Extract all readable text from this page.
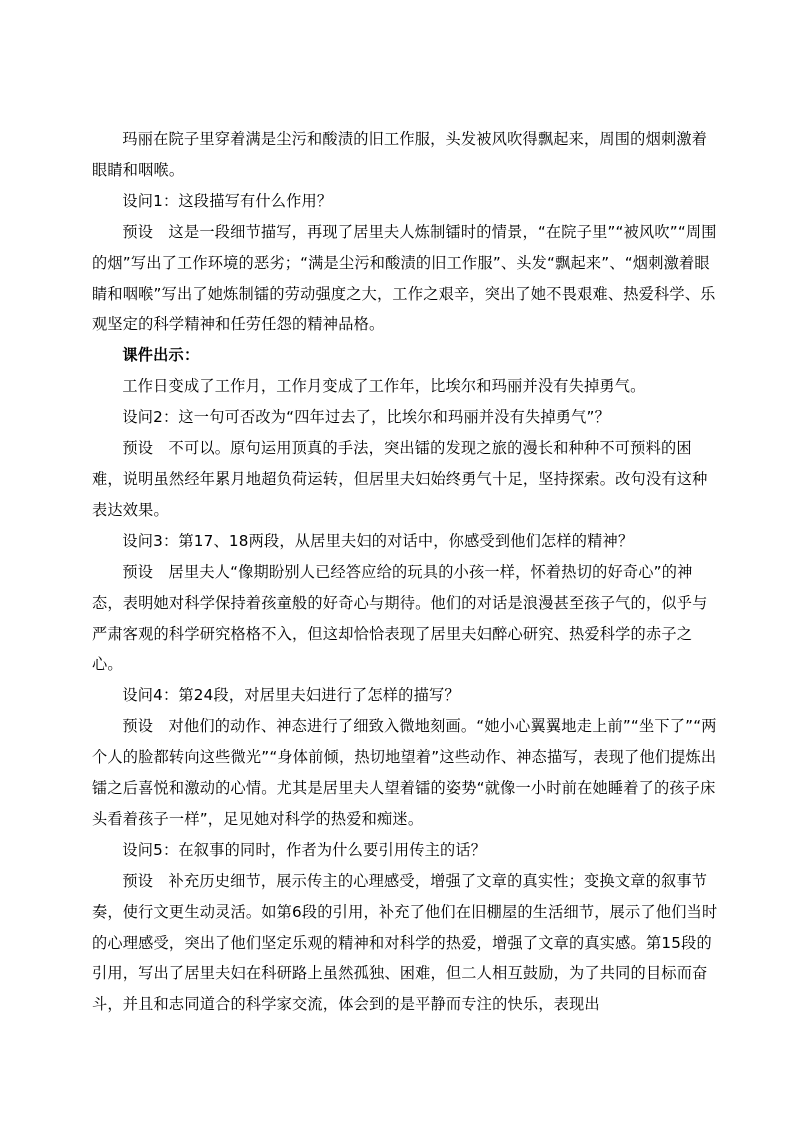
玛丽在院子里穿着满是尘污和酸渍的旧工作服，头发被风吹得飘起来，周围的烟刺激着眼睛和咽喉。

设问1：这段描写有什么作用？

预设　这是一段细节描写，再现了居里夫人炼制镭时的情景，“在院子里”“被风吹”“周围的烟”写出了工作环境的恶劣；“满是尘污和酸渍的旧工作服”、头发“飘起来”、“烟刺激着眼睛和咽喉”写出了她炼制镭的劳动强度之大，工作之艰辛，突出了她不畏艰难、热爱科学、乐观坚定的科学精神和任劳任怨的精神品格。

课件出示：

工作日变成了工作月，工作月变成了工作年，比埃尔和玛丽并没有失掉勇气。

设问2：这一句可否改为“四年过去了，比埃尔和玛丽并没有失掉勇气”？

预设　不可以。原句运用顶真的手法，突出镭的发现之旅的漫长和种种不可预料的困难，说明虽然经年累月地超负荷运转，但居里夫妇始终勇气十足，坚持探索。改句没有这种表达效果。

设问3：第17、18两段，从居里夫妇的对话中，你感受到他们怎样的精神？

预设　居里夫人“像期盼别人已经答应给的玩具的小孩一样，怀着热切的好奇心”的神态，表明她对科学保持着孩童般的好奇心与期待。他们的对话是浪漫甚至孩子气的，似乎与严肃客观的科学研究格格不入，但这却恰恰表现了居里夫妇醉心研究、热爱科学的赤子之心。

设问4：第24段，对居里夫妇进行了怎样的描写？

预设　对他们的动作、神态进行了细致入微地刻画。“她小心翼翼地走上前”“坐下了”“两个人的脸都转向这些微光”“身体前倾，热切地望着”这些动作、神态描写，表现了他们提炼出镭之后喜悦和激动的心情。尤其是居里夫人望着镭的姿势“就像一小时前在她睡着了的孩子床头看着孩子一样”，足见她对科学的热爱和痴迷。

设问5：在叙事的同时，作者为什么要引用传主的话？

预设　补充历史细节，展示传主的心理感受，增强了文章的真实性；变换文章的叙事节奏，使行文更生动灵活。如第6段的引用，补充了他们在旧棚屋的生活细节，展示了他们当时的心理感受，突出了他们坚定乐观的精神和对科学的热爱，增强了文章的真实感。第15段的引用，写出了居里夫妇在科研路上虽然孤独、困难，但二人相互鼓励，为了共同的目标而奋斗，并且和志同道合的科学家交流，体会到的是平静而专注的快乐，表现出
